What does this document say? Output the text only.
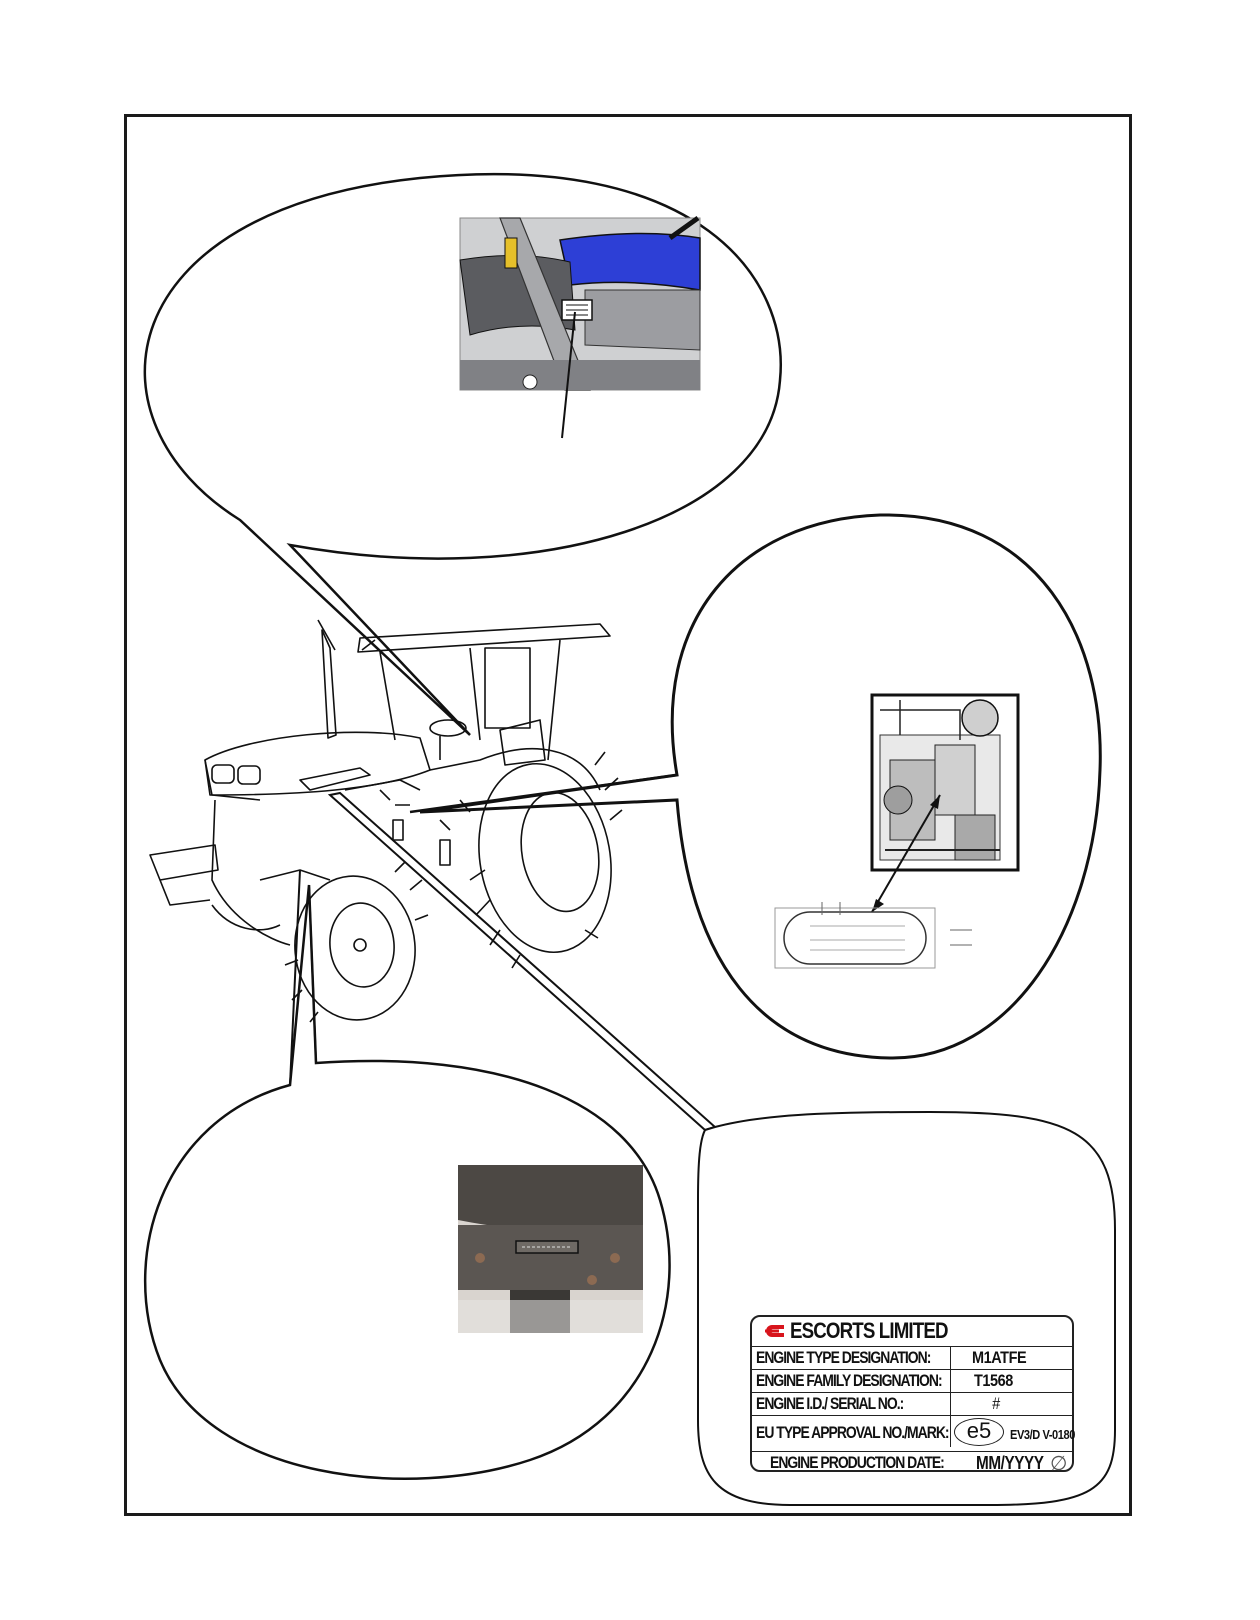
ESCORTS LIMITED
ENGINE TYPE DESIGNATION: M1ATFE
ENGINE FAMILY DESIGNATION: T1568
ENGINE I.D./ SERIAL NO.:	#
EU TYPE APPROVAL NO./MARK: e5	EV3/D V-0180
ENGINE PRODUCTION DATE: MM/YYYY ∅
